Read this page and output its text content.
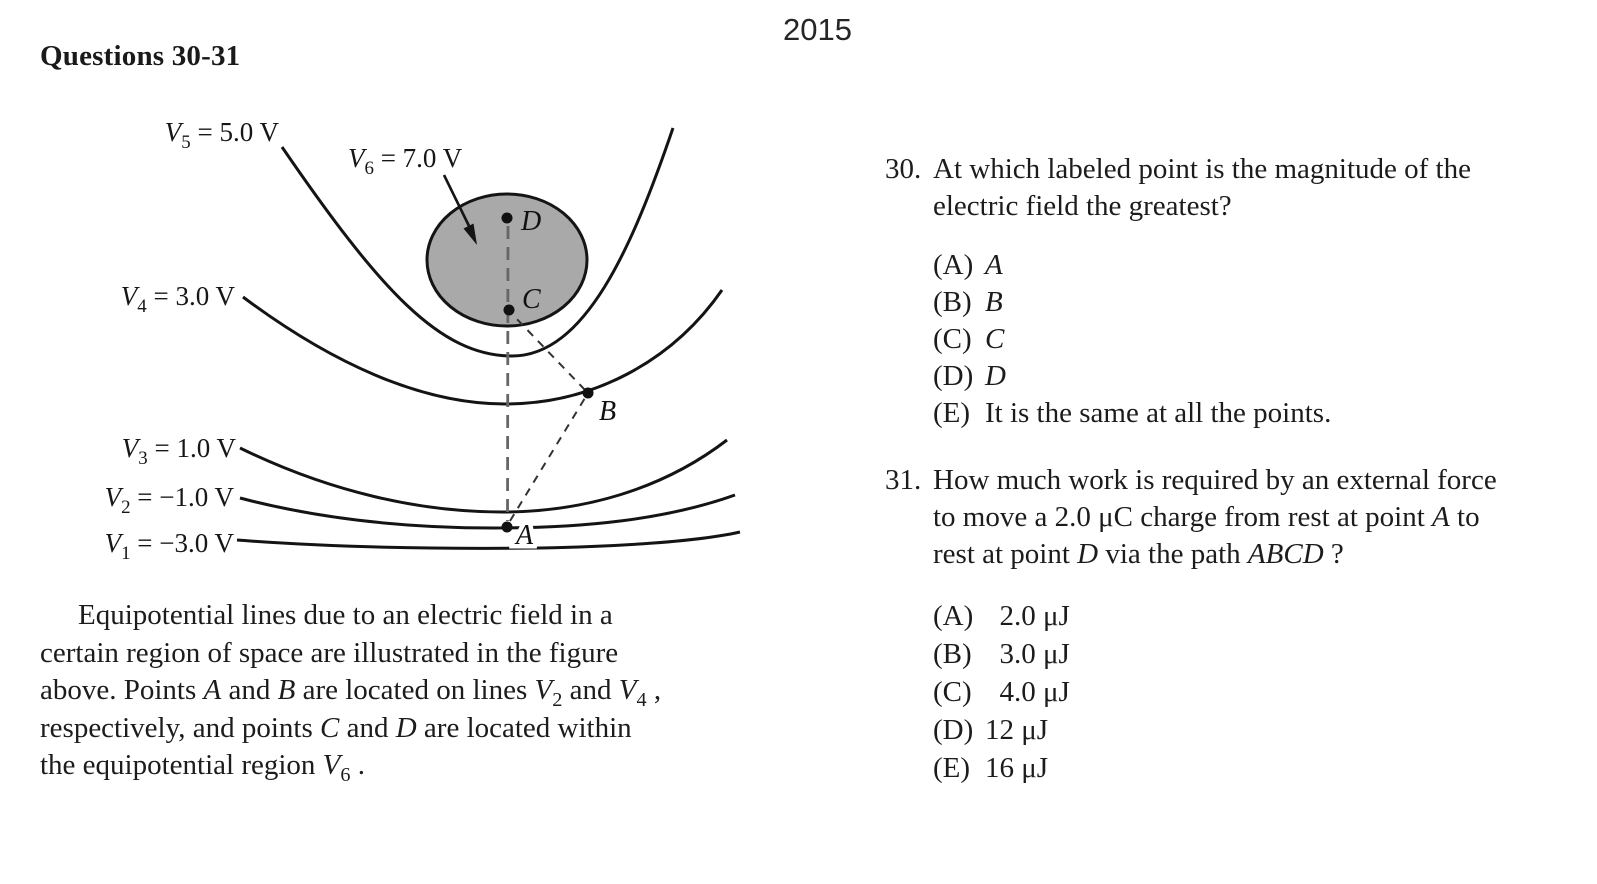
2015
Questions 30-31
$V_5 = 5.0$ V
$V_6 = 7.0$ V
$V_4 = 3.0$ V
$V_3 = 1.0$ V
$V_2 = -1.0$ V
$V_1 = -3.0$ V
D
C
B
A
Equipotential lines due to an electric field in a
certain region of space are illustrated in the figure
above. Points A and B are located on lines $V_2$ and $V_4$ ,
respectively, and points C and D are located within
the equipotential region $V_6$ .
30. At which labeled point is the magnitude of the
electric field the greatest?
(A) A
(B) B
(C) C
(D) D
(E) It is the same at all the points.
31. How much work is required by an external force
to move a 2.0 μC charge from rest at point A to
rest at point D via the path ABCD ?
(A)  2.0 μJ
(B)  3.0 μJ
(C)  4.0 μJ
(D) 12 μJ
(E) 16 μJ
